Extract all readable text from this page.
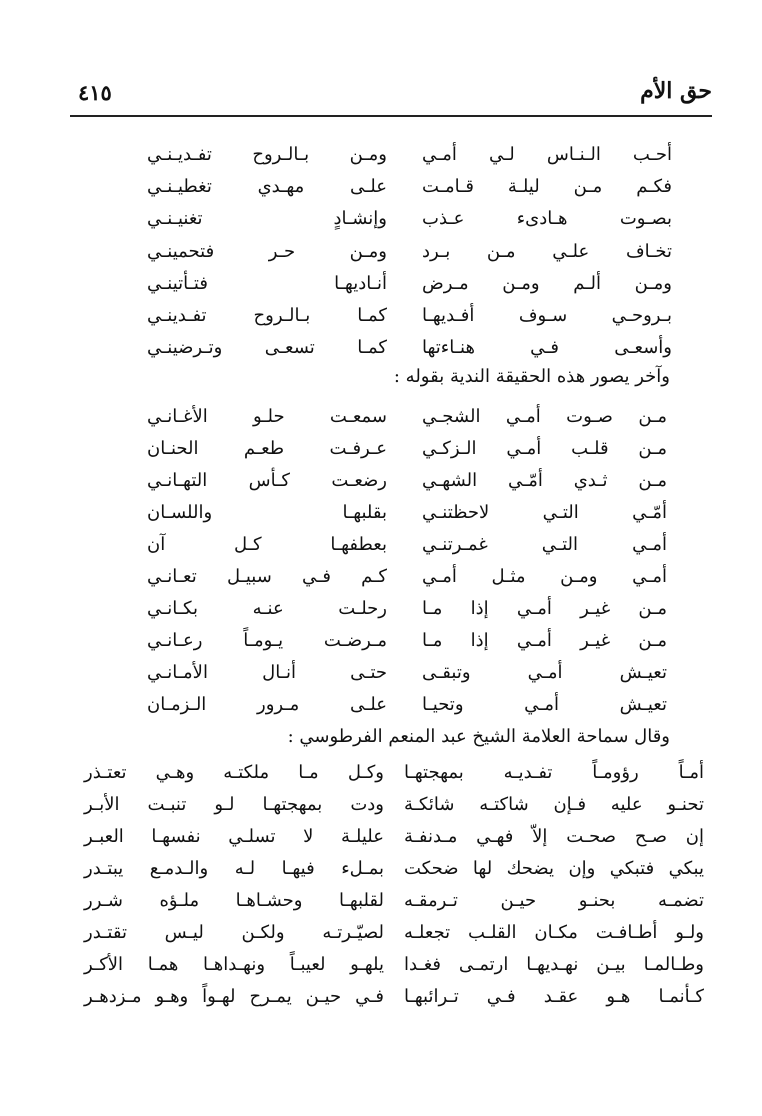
حق الأم
٤١٥
أحـب الـنـاس لـي أمـي
ومـن بـالـروح تفـديـنـي
فكـم مـن ليلـة قـامـت
علـى مهـدي تغطيـنـي
بصـوت هـادىء عـذب
وإنشـادٍ تغنيـنـي
تخـاف علـي مـن بـرد
ومـن حـر فتحمينـي
ومـن ألـم ومـن مـرض
أنـاديهـا فتـأتينـي
بـروحـي سـوف أفـديهـا
كمـا بـالـروح تفـدينـي
وأسعـى فـي هنـاءتها
كمـا تسعـى وتـرضينـي
وآخر يصور هذه الحقيقة الندية بقوله :
مـن صـوت أمـي الشجـي
سمعـت حلـو الأغـانـي
مـن قلـب أمـي الـزكـي
عـرفـت طعـم الحنـان
مـن ثـدي أمّـي الشهـي
رضعـت كـأس التهـانـي
أمّـي التـي لاحظتنـي
بقلبهـا واللسـان
أمـي التـي غمـرتنـي
بعطفهـا كـل آن
أمـي ومـن مثـل أمـي
كـم فـي سبيـل تعـانـي
مـن غيـر أمـي إذا مـا
رحلـت عنـه بكـانـي
مـن غيـر أمـي إذا مـا
مـرضـت يـومـاً رعـانـي
تعيـش أمـي وتبقـى
حتـى أنـال الأمـانـي
تعيـش أمـي وتحيـا
علـى مـرور الـزمـان
وقال سماحة العلامة الشيخ عبد المنعم الفرطوسي :
أمـاً رؤومـاً تفـديـه بمهجتهـا
وكـل مـا ملكتـه وهـي تعتـذر
تحنـو عليه فـإن شاكتـه شائكـة
ودت بمهجتهـا لـو تنبـت الأبـر
إن صـح صحـت إلاّ فهـي مـدنفـة
عليلـة لا تسلـي نفسهـا العبـر
يبكي فتبكي وإن يضحك لها ضحكت
بمـلء فيهـا لـه والـدمـع يبتـدر
تضمـه بحنـو حيـن تـرمقـه
لقلبهـا وحشـاهـا ملـؤه شـرر
ولـو أطـافـت مكـان القلـب تجعلـه
لصيّـرتـه ولكـن ليـس تقتـدر
وطـالمـا بيـن نهـديهـا ارتمـى فغـدا
يلهـو لعيبـاً ونهـداهـا همـا الأكـر
كـأنمـا هـو عقـد فـي تـرائبهـا
فـي حيـن يمـرح لهـواً وهـو مـزدهـر
